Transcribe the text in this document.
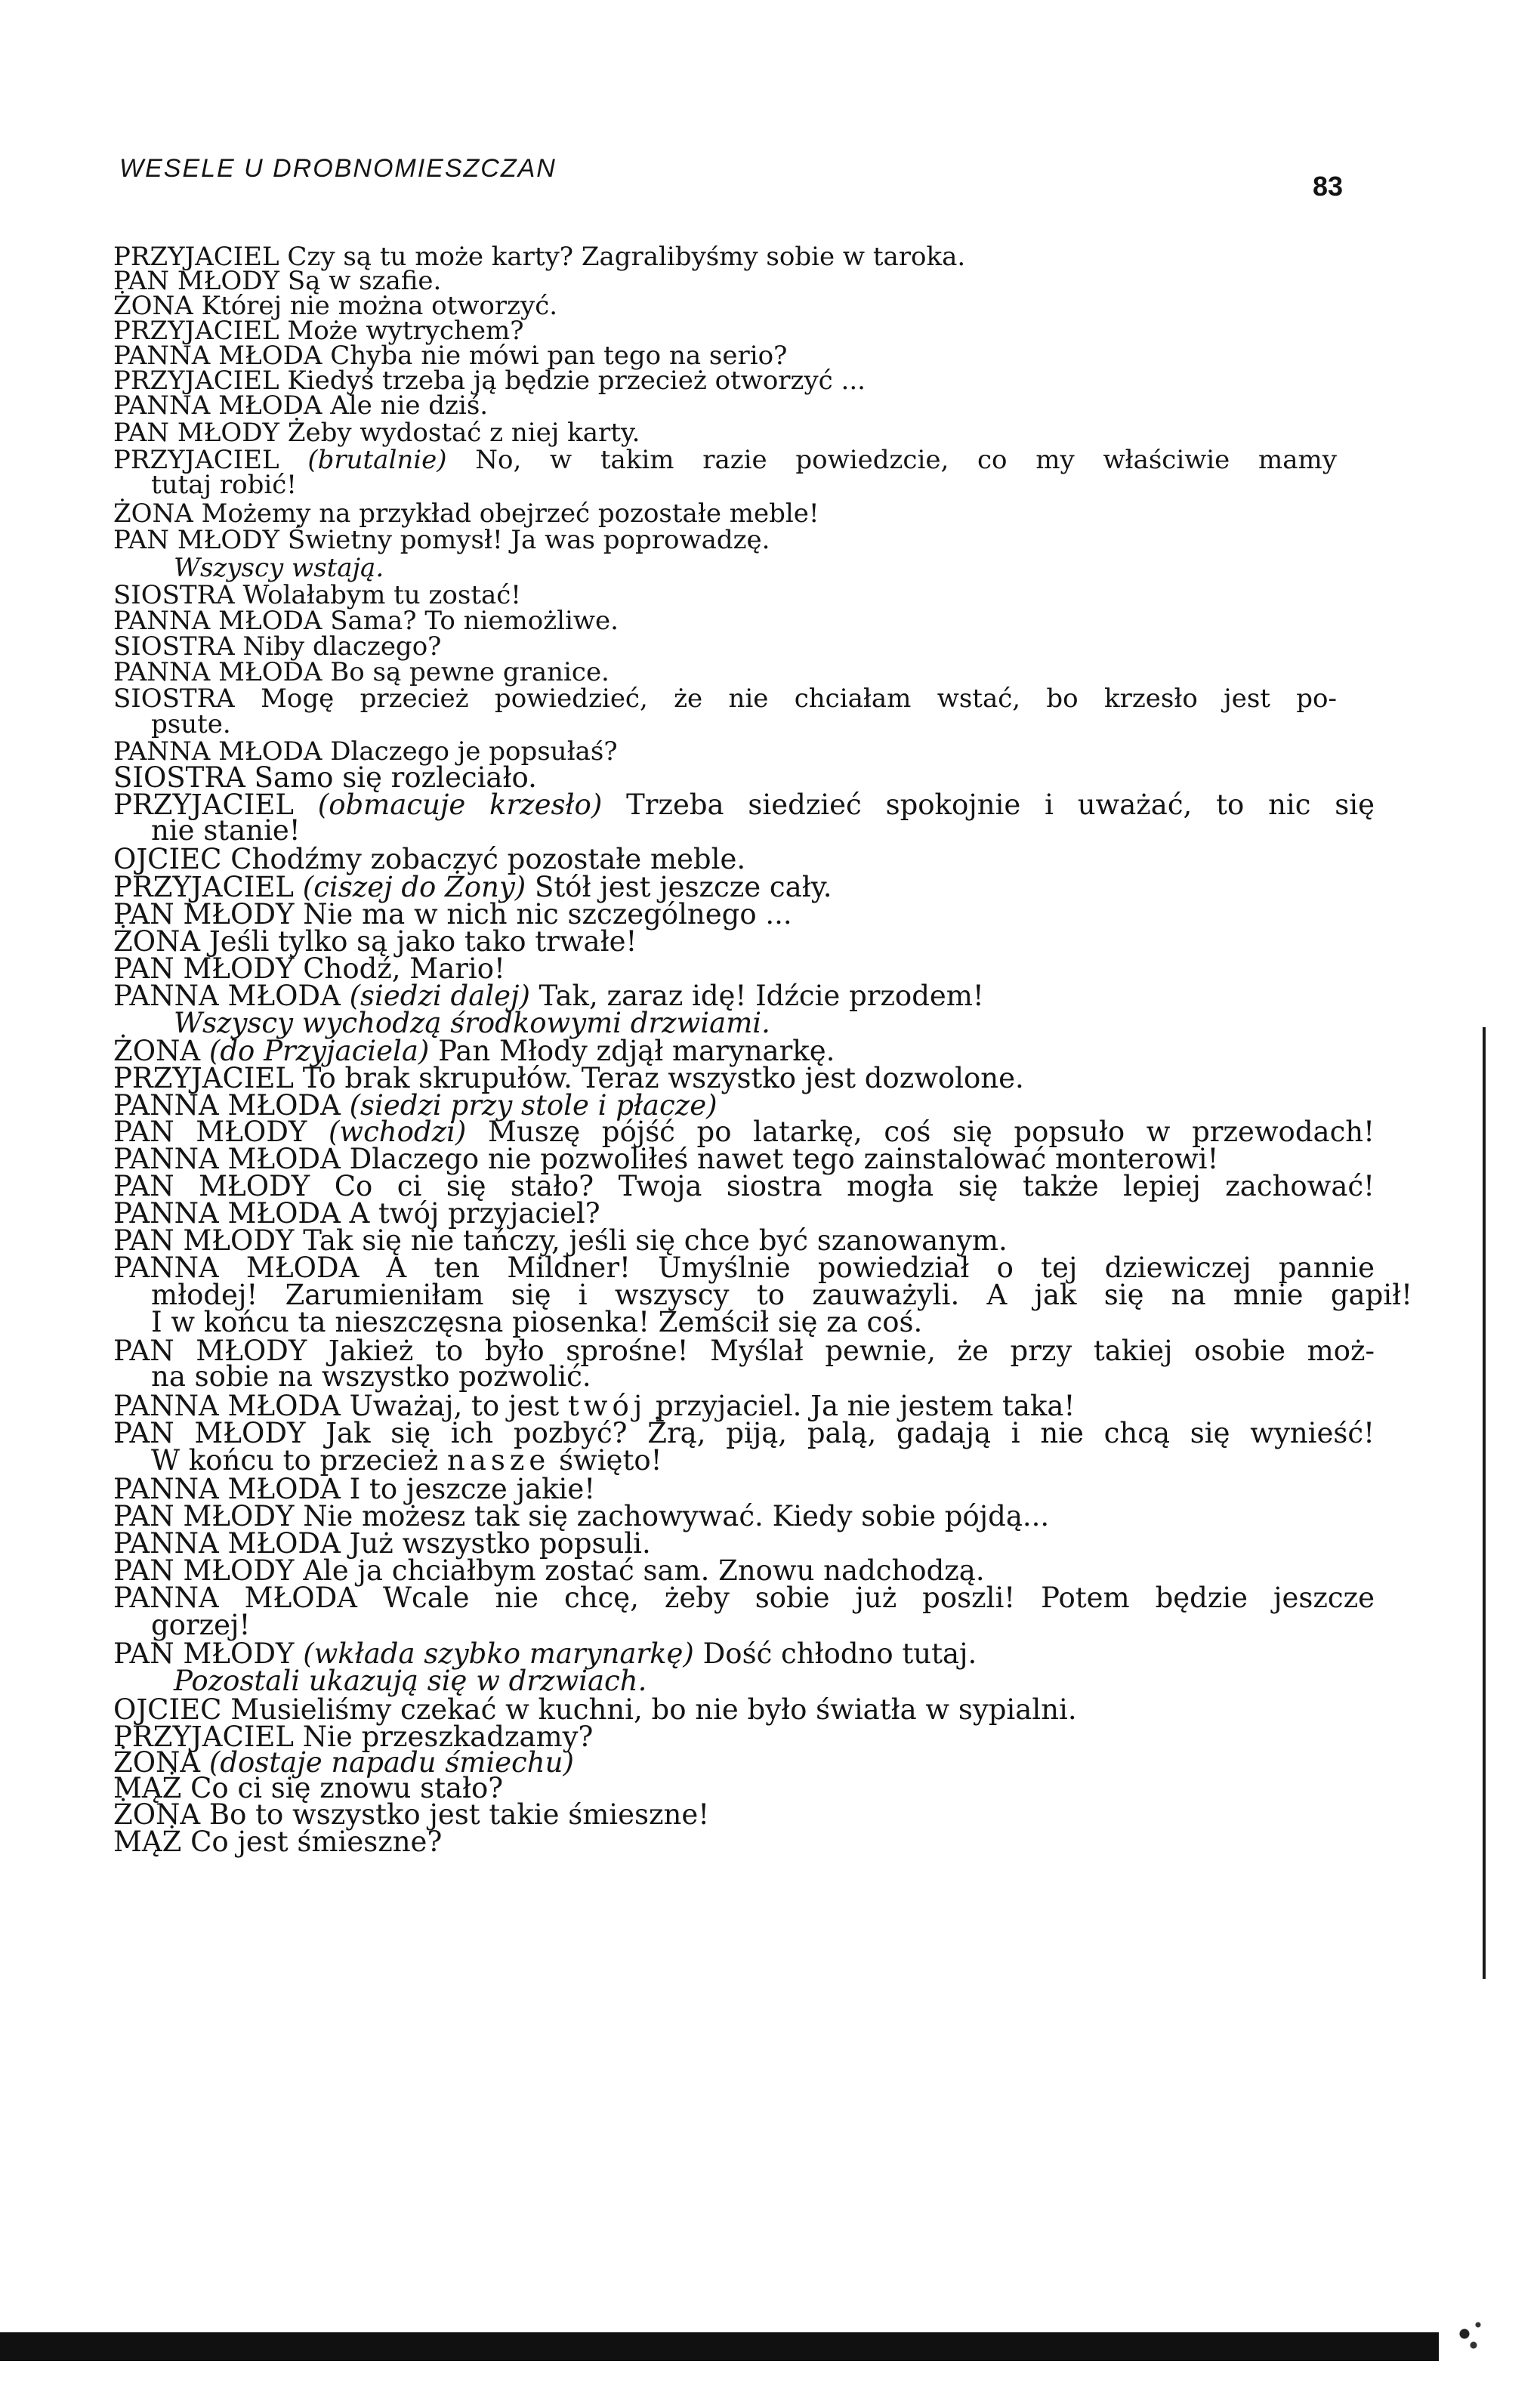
WESELE U DROBNOMIESZCZAN
83
PRZYJACIEL Czy są tu może karty? Zagralibyśmy sobie w taroka.
PAN MŁODY Są w szafie.
ŻONA Której nie można otworzyć.
PRZYJACIEL Może wytrychem?
PANNA MŁODA Chyba nie mówi pan tego na serio?
PRZYJACIEL Kiedyś trzeba ją będzie przecież otworzyć ...
PANNA MŁODA Ale nie dziś.
PAN MŁODY Żeby wydostać z niej karty.
PRZYJACIEL (brutalnie) No, w takim razie powiedzcie, co my właściwie mamy
tutaj robić!
ŻONA Możemy na przykład obejrzeć pozostałe meble!
PAN MŁODY Świetny pomysł! Ja was poprowadzę.
Wszyscy wstają.
SIOSTRA Wolałabym tu zostać!
PANNA MŁODA Sama? To niemożliwe.
SIOSTRA Niby dlaczego?
PANNA MŁODA Bo są pewne granice.
SIOSTRA Mogę przecież powiedzieć, że nie chciałam wstać, bo krzesło jest po-
psute.
PANNA MŁODA Dlaczego je popsułaś?
SIOSTRA Samo się rozleciało.
PRZYJACIEL (obmacuje krzesło) Trzeba siedzieć spokojnie i uważać, to nic się
nie stanie!
OJCIEC Chodźmy zobaczyć pozostałe meble.
PRZYJACIEL (ciszej do Żony) Stół jest jeszcze cały.
PAN MŁODY Nie ma w nich nic szczególnego ...
ŻONA Jeśli tylko są jako tako trwałe!
PAN MŁODY Chodź, Mario!
PANNA MŁODA (siedzi dalej) Tak, zaraz idę! Idźcie przodem!
Wszyscy wychodzą środkowymi drzwiami.
ŻONA (do Przyjaciela) Pan Młody zdjął marynarkę.
PRZYJACIEL To brak skrupułów. Teraz wszystko jest dozwolone.
PANNA MŁODA (siedzi przy stole i płacze)
PAN MŁODY (wchodzi) Muszę pójść po latarkę, coś się popsuło w przewodach!
PANNA MŁODA Dlaczego nie pozwoliłeś nawet tego zainstalować monterowi!
PAN MŁODY Co ci się stało? Twoja siostra mogła się także lepiej zachować!
PANNA MŁODA A twój przyjaciel?
PAN MŁODY Tak się nie tańczy, jeśli się chce być szanowanym.
PANNA MŁODA A ten Mildner! Umyślnie powiedział o tej dziewiczej pannie
młodej! Zarumieniłam się i wszyscy to zauważyli. A jak się na mnie gapił!
I w końcu ta nieszczęsna piosenka! Zemścił się za coś.
PAN MŁODY Jakież to było sprośne! Myślał pewnie, że przy takiej osobie moż-
na sobie na wszystko pozwolić.
PANNA MŁODA Uważaj, to jest twój przyjaciel. Ja nie jestem taka!
PAN MŁODY Jak się ich pozbyć? Żrą, piją, palą, gadają i nie chcą się wynieść!
W końcu to przecież nasze święto!
PANNA MŁODA I to jeszcze jakie!
PAN MŁODY Nie możesz tak się zachowywać. Kiedy sobie pójdą...
PANNA MŁODA Już wszystko popsuli.
PAN MŁODY Ale ja chciałbym zostać sam. Znowu nadchodzą.
PANNA MŁODA Wcale nie chcę, żeby sobie już poszli! Potem będzie jeszcze
gorzej!
PAN MŁODY (wkłada szybko marynarkę) Dość chłodno tutaj.
Pozostali ukazują się w drzwiach.
OJCIEC Musieliśmy czekać w kuchni, bo nie było światła w sypialni.
PRZYJACIEL Nie przeszkadzamy?
ŻONA (dostaje napadu śmiechu)
MĄŻ Co ci się znowu stało?
ŻONA Bo to wszystko jest takie śmieszne!
MĄŻ Co jest śmieszne?
